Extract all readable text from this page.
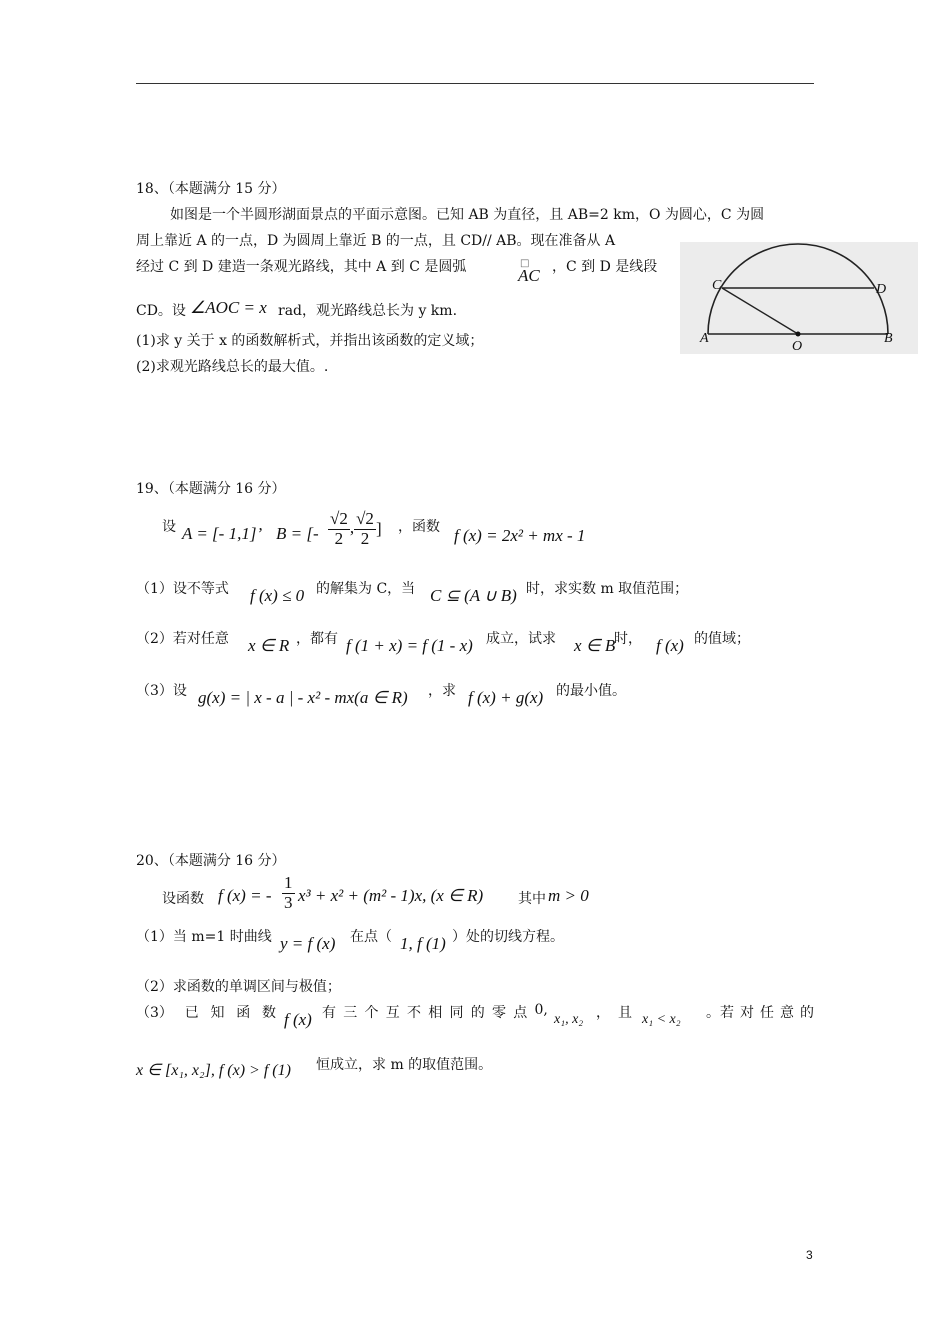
18、（本题满分 15 分）
如图是一个半圆形湖面景点的平面示意图。已知 AB 为直径，且 AB=2 km，O 为圆心，C 为圆
周上靠近 A 的一点，D 为圆周上靠近 B 的一点，且 CD// AB。现在准备从 A
经过 C 到 D 建造一条观光路线，其中 A 到 C 是圆弧	□
AC ，C 到 D 是线段
CD。设 ∠AOC = x rad，观光路线总长为 y km.
(1)求 y 关于 x 的函数解析式，并指出该函数的定义域；
(2)求观光路线总长的最大值。.
C	D
A
O
B
19、（本题满分 16 分）
设 A = [- 1,1]’ B = [- $\frac{√2}{2}$ , $\frac{√2}{2}$ ] ，函数 f (x) = 2x² + mx - 1
（1）设不等式 f (x) ≤ 0 的解集为 C，当 C ⊆ (A ∪ B) 时，求实数 m 取值范围；
（2）若对任意 x ∈ R ，都有 f (1 + x) = f (1 - x) 成立，试求 x ∈ B
时， f (x) 的值域；
（3）设 g(x) = | x - a | - x² - mx(a ∈ R) ，求 f (x) + g(x) 的最小值。
20、（本题满分 16 分）
设函数 f (x) = - $\frac{1}{3} x^3 + x^2 + (m^2 - 1)x$, (x ∈ R) 其中 m > 0
（1）当 m=1 时曲线 y = f (x) 在点（ 1, f (1) ）处的切线方程。
（2）求函数的单调区间与极值；
（3） 已 知 函 数 f (x) 有 三 个 互 不 相 同 的 零 点 0,
x₁, x₂ ， 且 x₁ < x₂ 。若 对 任 意 的
x ∈ [x₁, x₂], f (x) > f (1) 恒成立，求 m 的取值范围。
3
